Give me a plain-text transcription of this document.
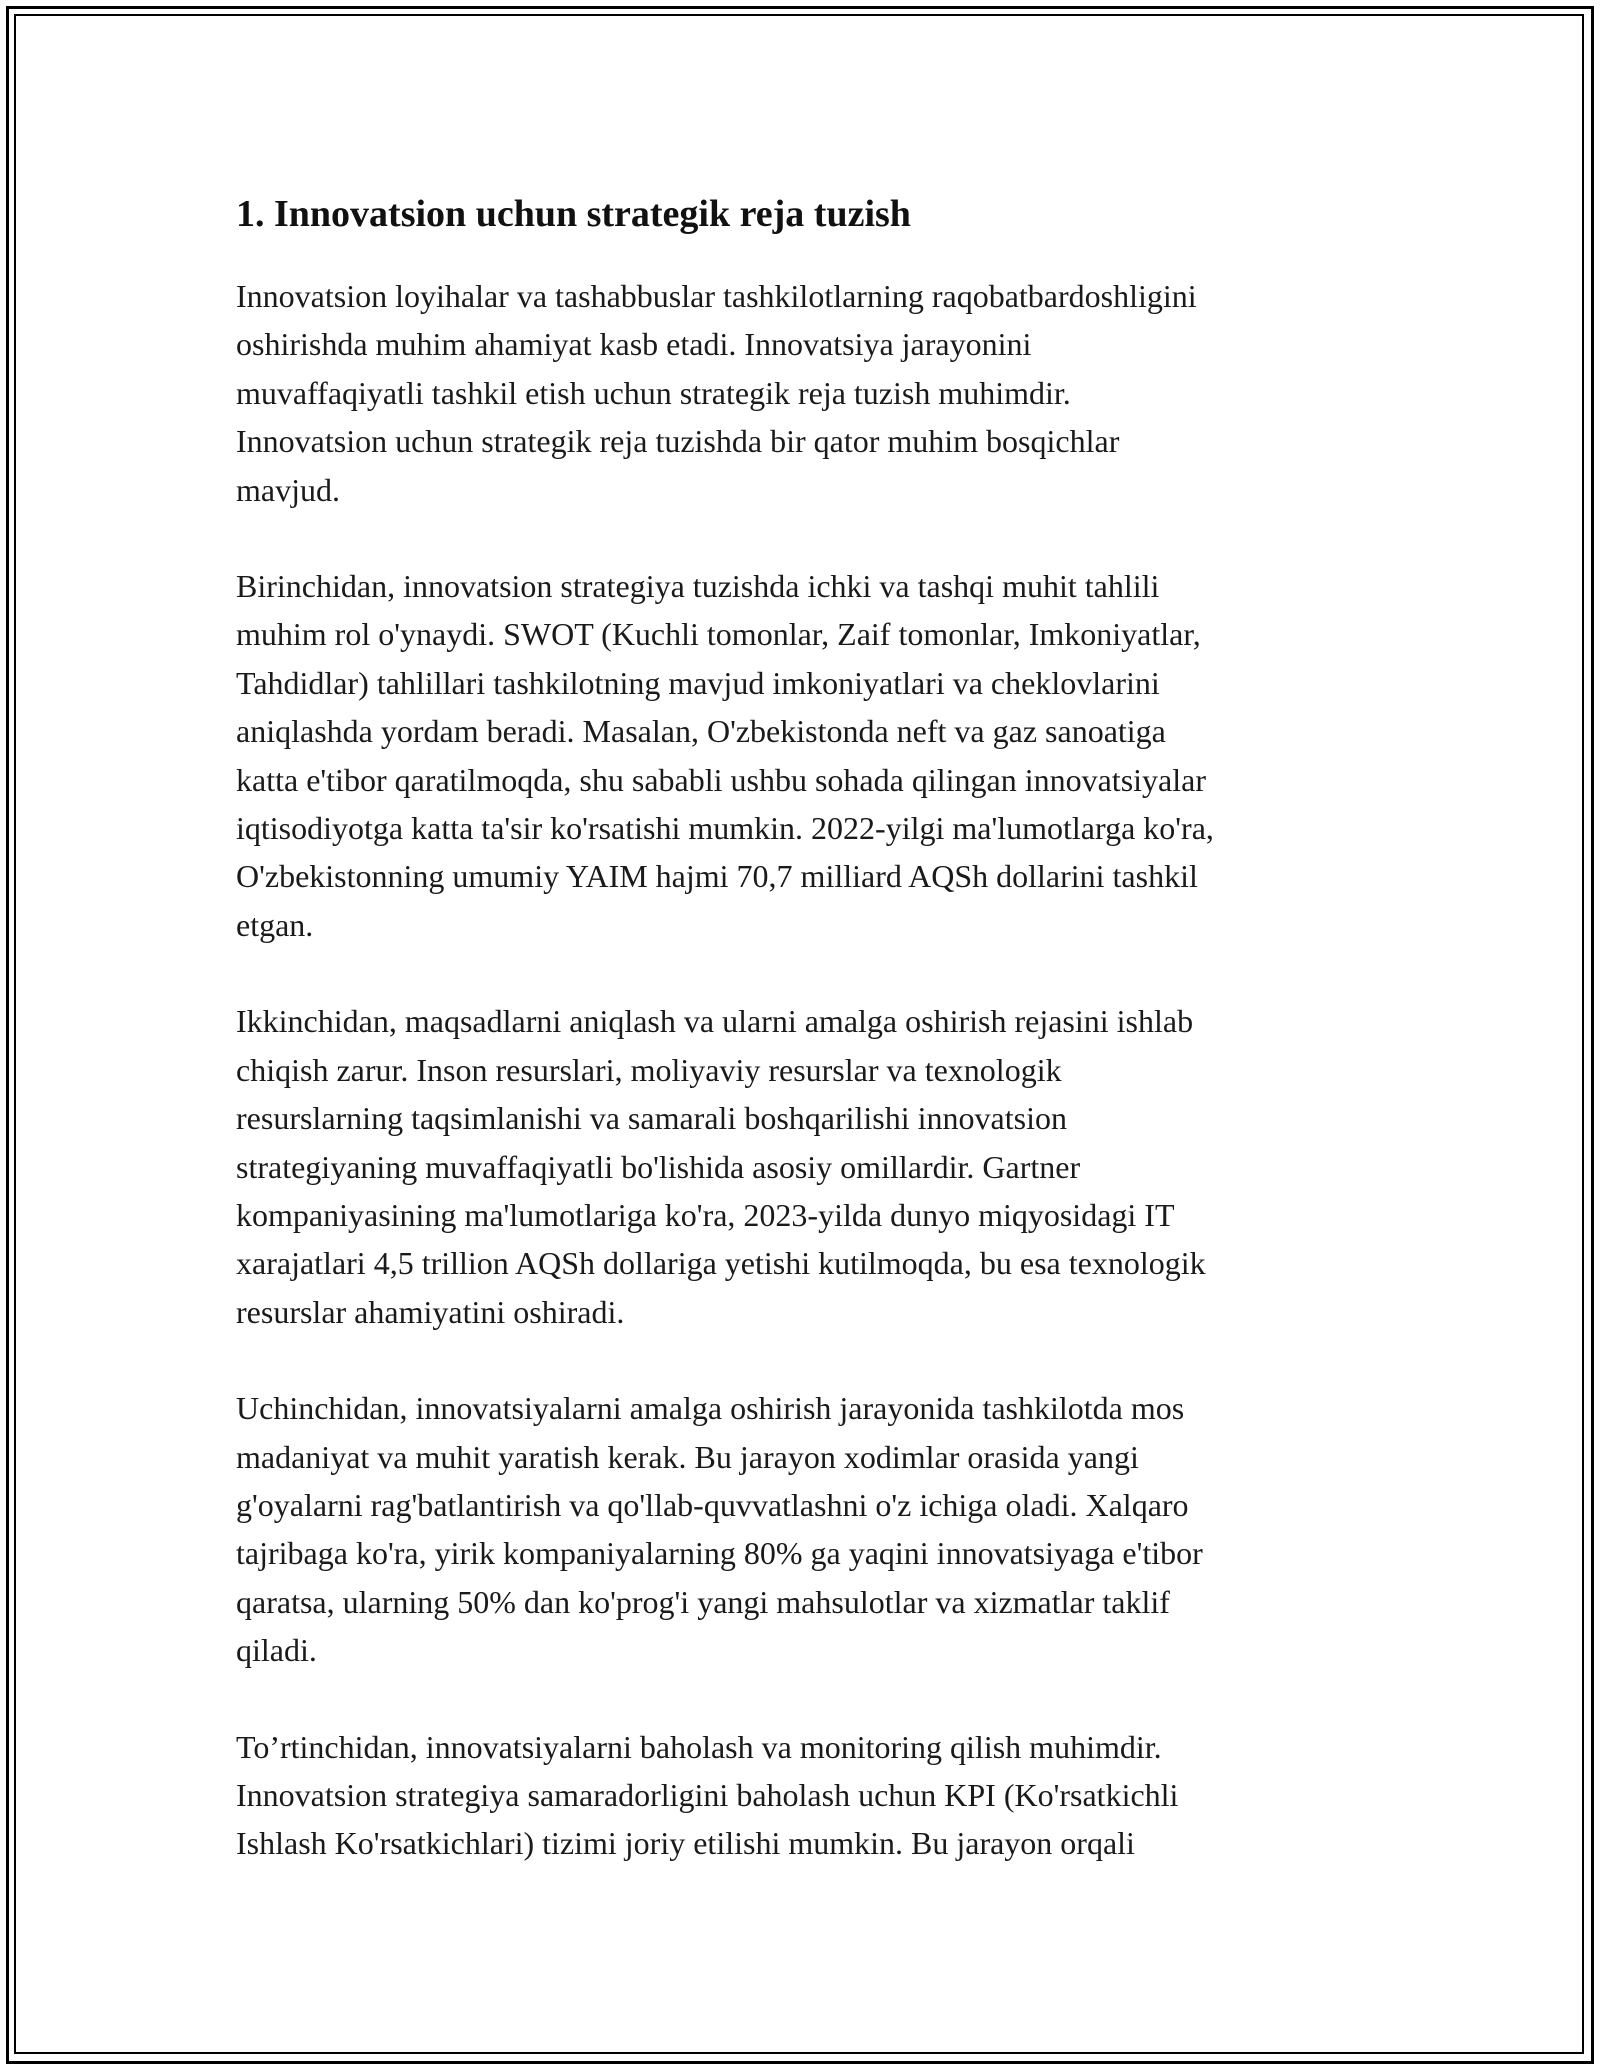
1. Innovatsion uchun strategik reja tuzish

Innovatsion loyihalar va tashabbuslar tashkilotlarning raqobatbardoshligini
oshirishda muhim ahamiyat kasb etadi. Innovatsiya jarayonini
muvaffaqiyatli tashkil etish uchun strategik reja tuzish muhimdir.
Innovatsion uchun strategik reja tuzishda bir qator muhim bosqichlar
mavjud.

Birinchidan, innovatsion strategiya tuzishda ichki va tashqi muhit tahlili
muhim rol o'ynaydi. SWOT (Kuchli tomonlar, Zaif tomonlar, Imkoniyatlar,
Tahdidlar) tahlillari tashkilotning mavjud imkoniyatlari va cheklovlarini
aniqlashda yordam beradi. Masalan, O'zbekistonda neft va gaz sanoatiga
katta e'tibor qaratilmoqda, shu sababli ushbu sohada qilingan innovatsiyalar
iqtisodiyotga katta ta'sir ko'rsatishi mumkin. 2022-yilgi ma'lumotlarga ko'ra,
O'zbekistonning umumiy YAIM hajmi 70,7 milliard AQSh dollarini tashkil
etgan.

Ikkinchidan, maqsadlarni aniqlash va ularni amalga oshirish rejasini ishlab
chiqish zarur. Inson resurslari, moliyaviy resurslar va texnologik
resurslarning taqsimlanishi va samarali boshqarilishi innovatsion
strategiyaning muvaffaqiyatli bo'lishida asosiy omillardir. Gartner
kompaniyasining ma'lumotlariga ko'ra, 2023-yilda dunyo miqyosidagi IT
xarajatlari 4,5 trillion AQSh dollariga yetishi kutilmoqda, bu esa texnologik
resurslar ahamiyatini oshiradi.

Uchinchidan, innovatsiyalarni amalga oshirish jarayonida tashkilotda mos
madaniyat va muhit yaratish kerak. Bu jarayon xodimlar orasida yangi
g'oyalarni rag'batlantirish va qo'llab-quvvatlashni o'z ichiga oladi. Xalqaro
tajribaga ko'ra, yirik kompaniyalarning 80% ga yaqini innovatsiyaga e'tibor
qaratsa, ularning 50% dan ko'prog'i yangi mahsulotlar va xizmatlar taklif
qiladi.

To’rtinchidan, innovatsiyalarni baholash va monitoring qilish muhimdir.
Innovatsion strategiya samaradorligini baholash uchun KPI (Ko'rsatkichli
Ishlash Ko'rsatkichlari) tizimi joriy etilishi mumkin. Bu jarayon orqali
